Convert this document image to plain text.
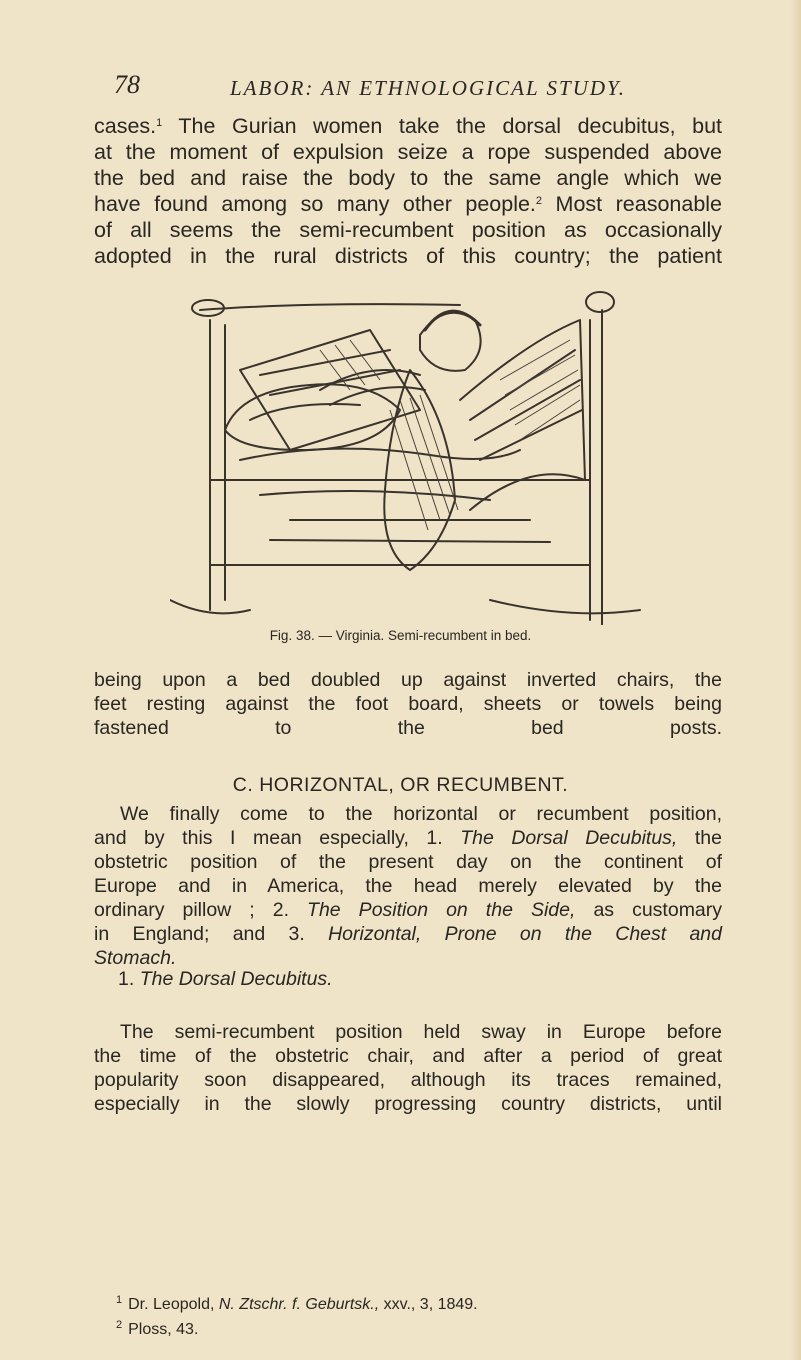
78	LABOR: AN ETHNOLOGICAL STUDY.
cases.$^1$ The Gurian women take the dorsal decubitus, but
at the moment of expulsion seize a rope suspended above
the bed and raise the body to the same angle which we
have found among so many other people.$^2$ Most reasonable
of all seems the semi-recumbent position as occasionally
adopted in the rural districts of this country; the patient
Fig. 38. — Virginia. Semi-recumbent in bed.
being upon a bed doubled up against inverted chairs, the
feet resting against the foot board, sheets or towels being
fastened to the bed posts.
C. HORIZONTAL, OR RECUMBENT.
We finally come to the horizontal or recumbent position,
and by this I mean especially, 1. The Dorsal Decubitus, the
obstetric position of the present day on the continent of
Europe and in America, the head merely elevated by the
ordinary pillow ; 2. The Position on the Side, as customary
in England; and 3. Horizontal, Prone on the Chest and
Stomach.
1. The Dorsal Decubitus.
The semi-recumbent position held sway in Europe before
the time of the obstetric chair, and after a period of great
popularity soon disappeared, although its traces remained,
especially in the slowly progressing country districts, until
$^1$ Dr. Leopold, N. Ztschr. f. Geburtsk., xxv., 3, 1849.
$^2$ Ploss, 43.
